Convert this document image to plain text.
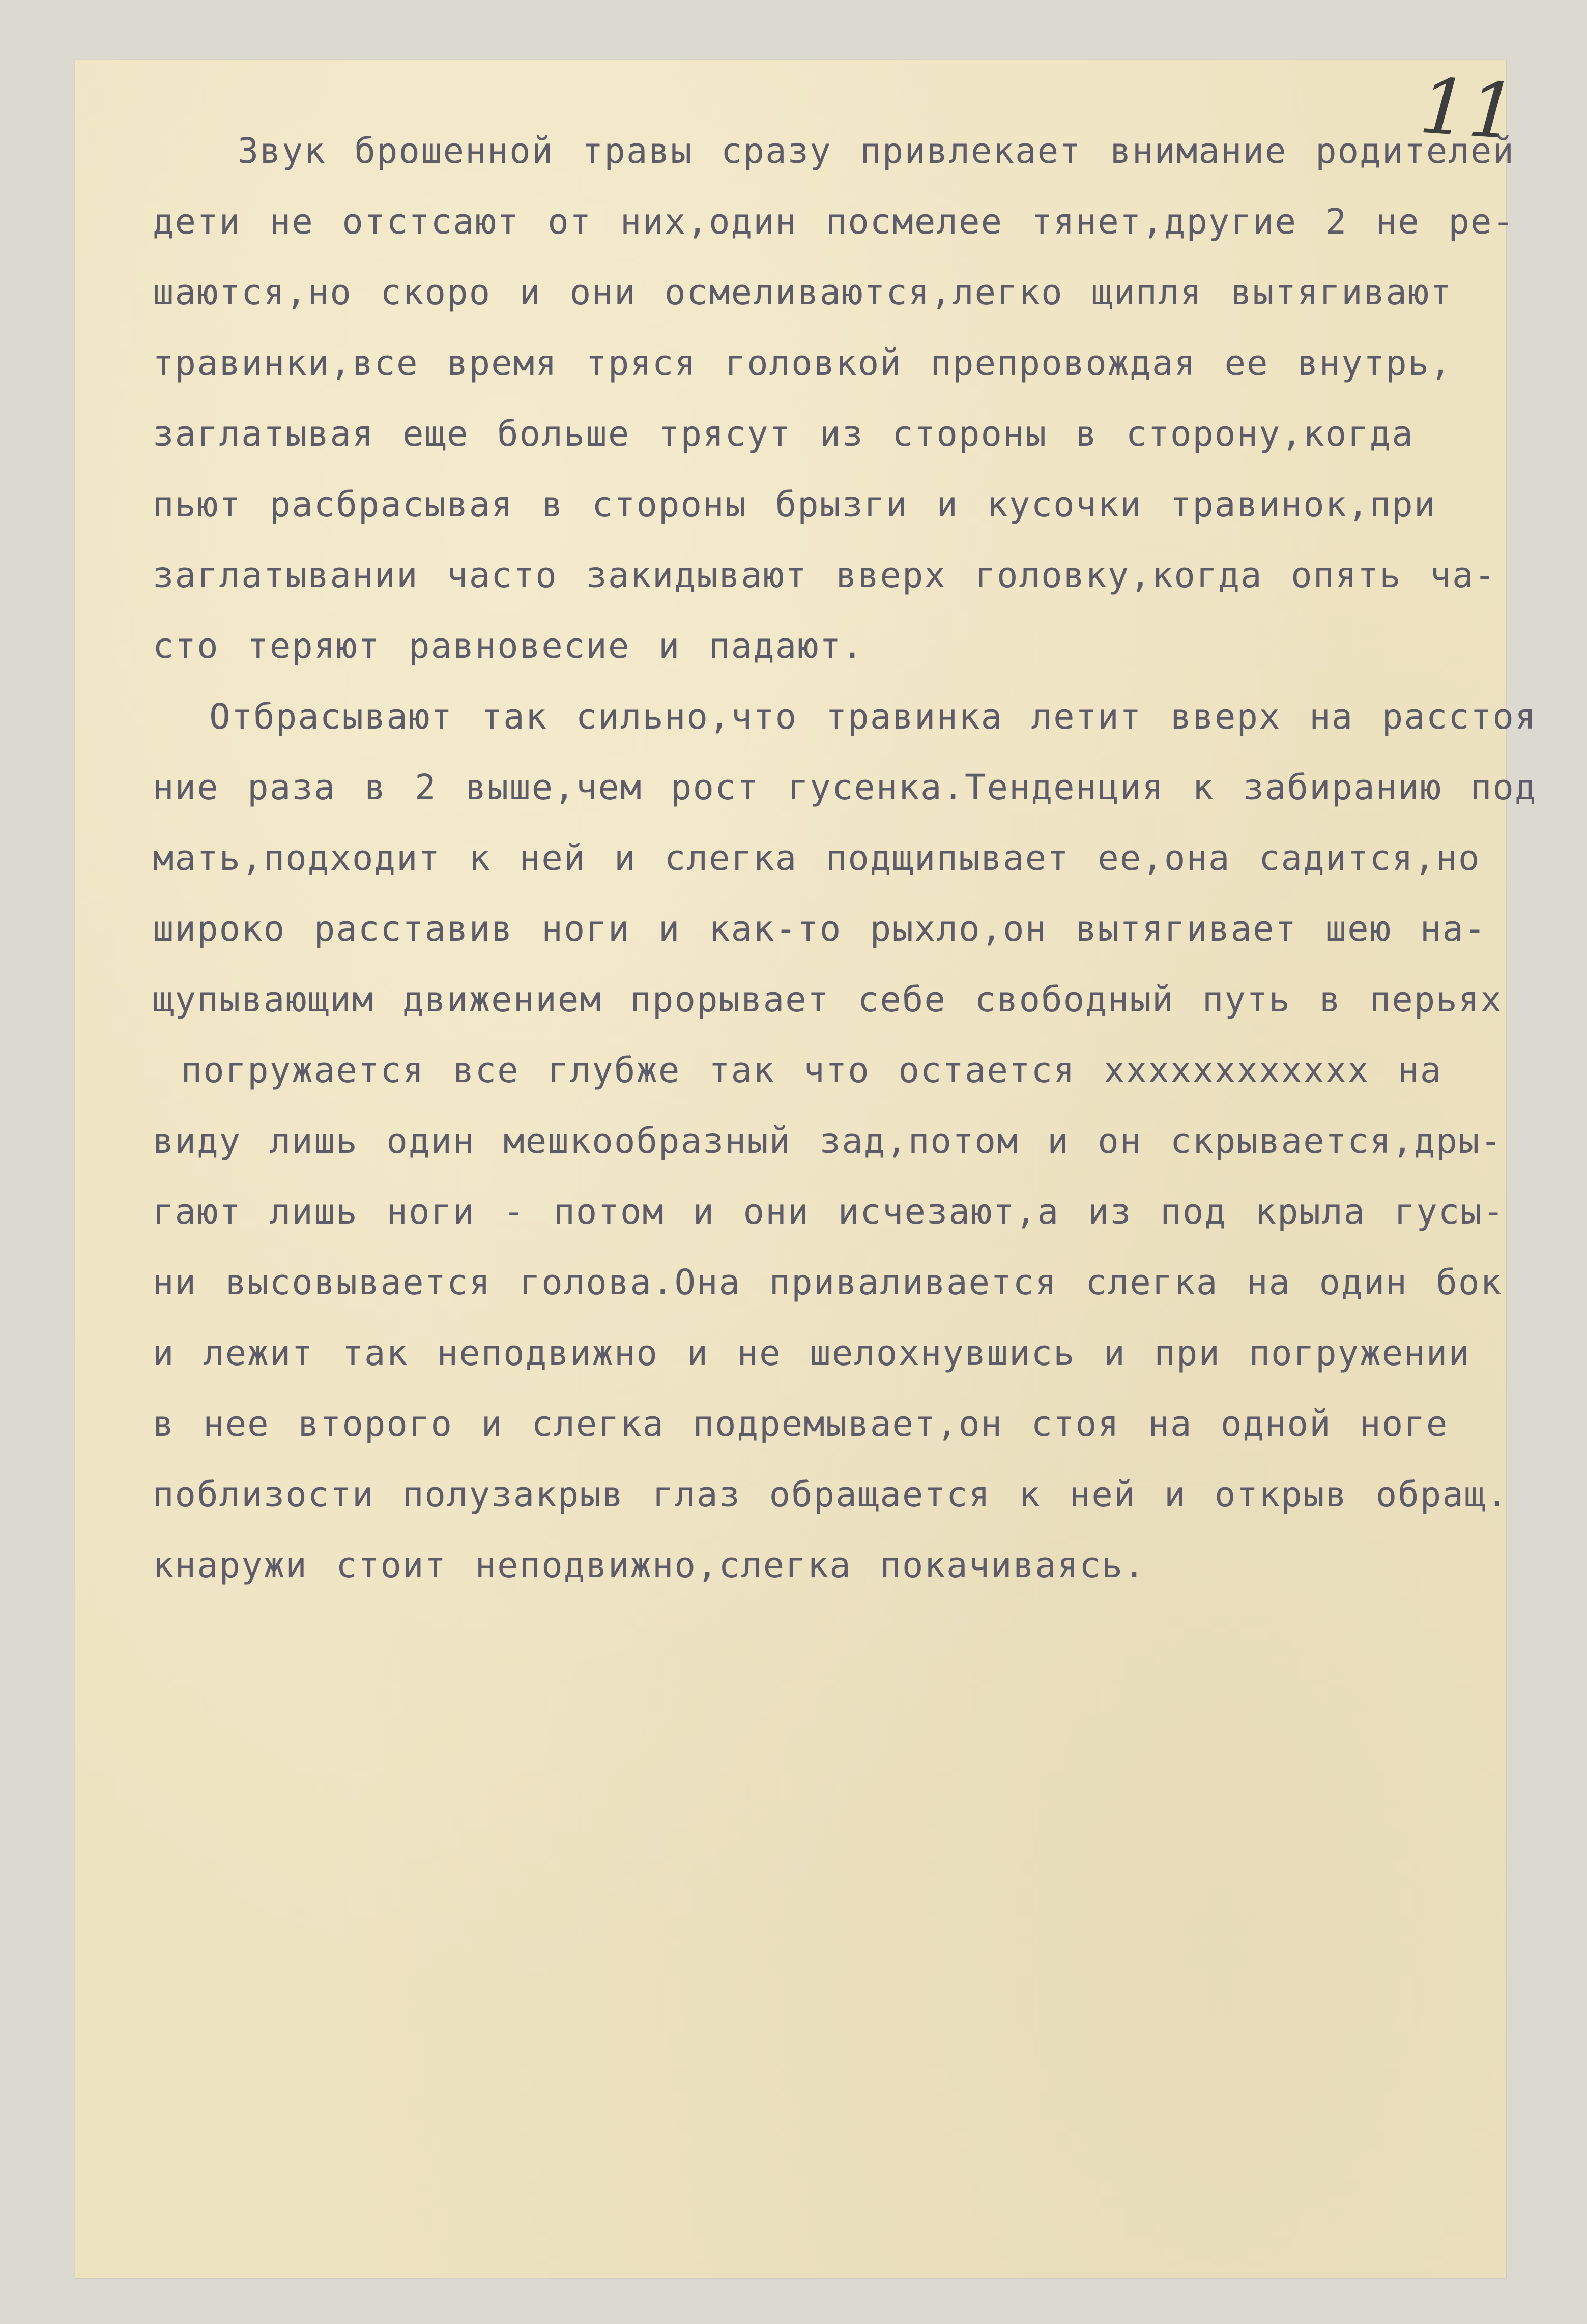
11
Звук брошенной травы сразу привлекает внимание родителей
дети не отстсают от них,один посмелее тянет,другие 2 не ре-
шаются,но скоро и они осмеливаются,легко щипля вытягивают
травинки,все время тряся головкой препровождая ее внутрь,
заглатывая еще больше трясут из стороны в сторону,когда
пьют расбрасывая в стороны брызги и кусочки травинок,при
заглатывании часто закидывают вверх головку,когда опять ча-
сто теряют равновесие и падают.
Отбрасывают так сильно,что травинка летит вверх на расстоя
ние раза в 2 выше,чем рост гусенка.Тенденция к забиранию под
мать,подходит к ней и слегка подщипывает ее,она садится,но
широко расставив ноги и как-то рыхло,он вытягивает шею на-
щупывающим движением прорывает себе свободный путь в перьях
погружается все глубже так что остается xxxxxxxxxxxx на
виду лишь один мешкообразный зад,потом и он скрывается,дры-
гают лишь ноги - потом и они исчезают,а из под крыла гусы-
ни высовывается голова.Она приваливается слегка на один бок
и лежит так неподвижно и не шелохнувшись и при погружении
в нее второго и слегка подремывает,он стоя на одной ноге
поблизости полузакрыв глаз обращается к ней и открыв обращ.
кнаружи стоит неподвижно,слегка покачиваясь.
